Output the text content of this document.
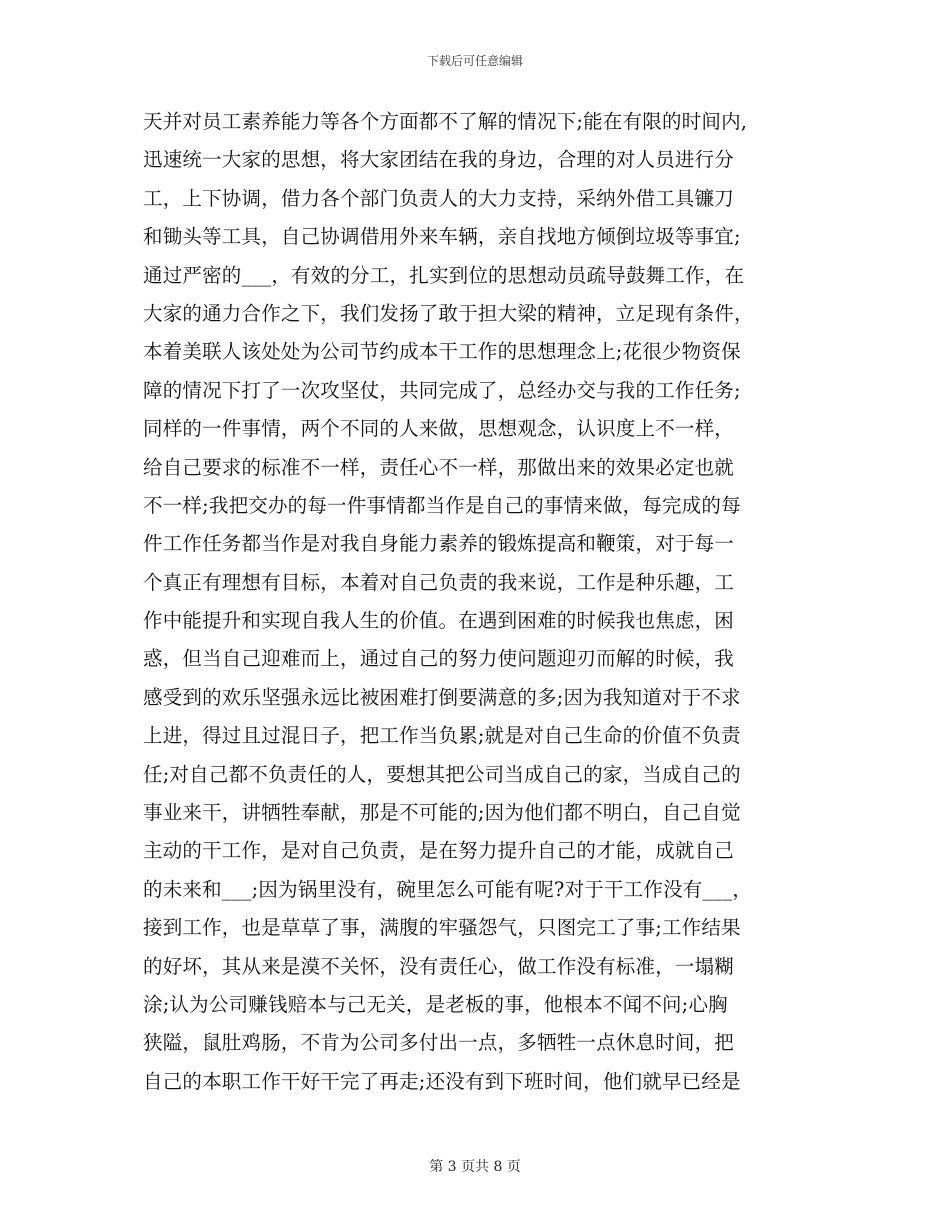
下载后可任意编辑
天并对员工素养能力等各个方面都不了解的情况下;能在有限的时间内,
迅速统一大家的思想，将大家团结在我的身边，合理的对人员进行分
工，上下协调，借力各个部门负责人的大力支持，采纳外借工具镰刀
和锄头等工具，自己协调借用外来车辆，亲自找地方倾倒垃圾等事宜;
通过严密的___，有效的分工，扎实到位的思想动员疏导鼓舞工作，在
大家的通力合作之下，我们发扬了敢于担大梁的精神，立足现有条件，
本着美联人该处处为公司节约成本干工作的思想理念上;花很少物资保
障的情况下打了一次攻坚仗，共同完成了，总经办交与我的工作任务;
同样的一件事情，两个不同的人来做，思想观念，认识度上不一样，
给自己要求的标准不一样，责任心不一样，那做出来的效果必定也就
不一样;我把交办的每一件事情都当作是自己的事情来做，每完成的每
件工作任务都当作是对我自身能力素养的锻炼提高和鞭策，对于每一
个真正有理想有目标，本着对自己负责的我来说，工作是种乐趣，工
作中能提升和实现自我人生的价值。在遇到困难的时候我也焦虑，困
惑，但当自己迎难而上，通过自己的努力使问题迎刃而解的时候，我
感受到的欢乐坚强永远比被困难打倒要满意的多;因为我知道对于不求
上进，得过且过混日子，把工作当负累;就是对自己生命的价值不负责
任;对自己都不负责任的人，要想其把公司当成自己的家，当成自己的
事业来干，讲牺牲奉献，那是不可能的;因为他们都不明白，自己自觉
主动的干工作，是对自己负责，是在努力提升自己的才能，成就自己
的未来和___;因为锅里没有，碗里怎么可能有呢?对于干工作没有___，
接到工作，也是草草了事，满腹的牢骚怨气，只图完工了事;工作结果
的好坏，其从来是漠不关怀，没有责任心，做工作没有标准，一塌糊
涂;认为公司赚钱赔本与己无关，是老板的事，他根本不闻不问;心胸
狭隘，鼠肚鸡肠，不肯为公司多付出一点，多牺牲一点休息时间，把
自己的本职工作干好干完了再走;还没有到下班时间，他们就早已经是
第 3 页共 8 页
